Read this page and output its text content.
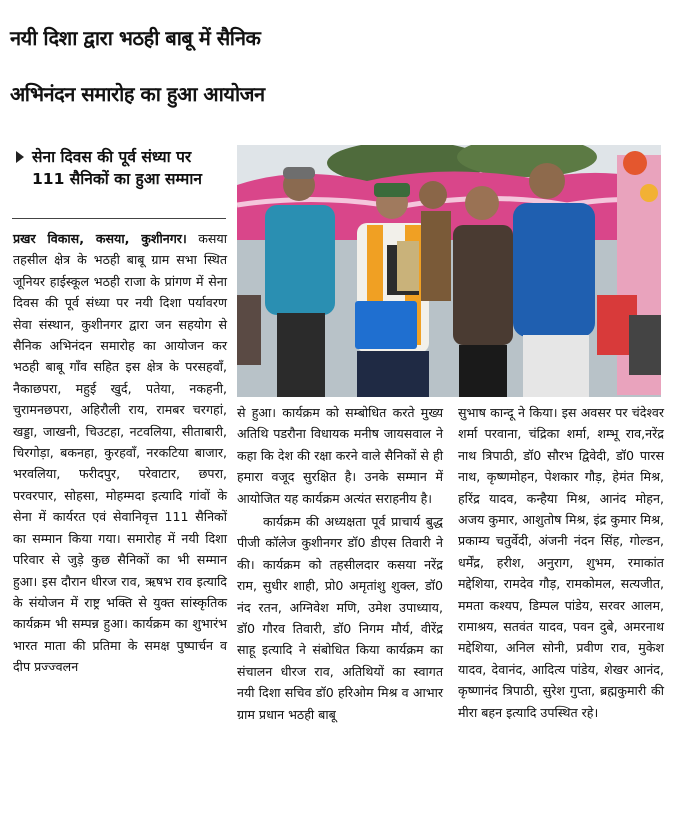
नयी दिशा द्वारा भठही बाबू में सैनिक
अभिनंदन समारोह का हुआ आयोजन
सेना दिवस की पूर्व संध्या पर 111 सैनिकों का हुआ सम्मान

प्रखर विकास, कसया, कुशीनगर। कसया तहसील क्षेत्र के भठही बाबू ग्राम सभा स्थित जूनियर हाईस्कूल भठही राजा के प्रांगण में सेना दिवस की पूर्व संध्या पर नयी दिशा पर्यावरण सेवा संस्थान, कुशीनगर द्वारा जन सहयोग से सैनिक अभिनंदन समारोह का आयोजन कर भठही बाबू गाँव सहित इस क्षेत्र के परसहवाँ, नैकाछपरा, महुई खुर्द, पतेया, नकहनी, चुरामनछपरा, अहिरौली राय, रामबर चरगहां, खड्डा, जाखनी, चिउटहा, नटवलिया, सीताबारी, चिरगोड़ा, बकनहा, कुरहवाँ, नरकटिया बाजार, भरवलिया, फरीदपुर, परेवाटार, छपरा, परवरपार, सोहसा, मोहम्मदा इत्यादि गांवों के सेना में कार्यरत एवं सेवानिवृत्त 111 सैनिकों का सम्मान किया गया। समारोह में नयी दिशा परिवार से जुड़े कुछ सैनिकों का भी सम्मान हुआ। इस दौरान धीरज राव, ऋषभ राव इत्यादि के संयोजन में राष्ट्र भक्ति से युक्त सांस्कृतिक कार्यक्रम भी सम्पन्न हुआ। कार्यक्रम का शुभारंभ भारत माता की प्रतिमा के समक्ष पुष्पार्चन व दीप प्रज्ज्वलन

से हुआ। कार्यक्रम को सम्बोधित करते मुख्य अतिथि पडरौना विधायक मनीष जायसवाल ने कहा कि देश की रक्षा करने वाले सैनिकों से ही हमारा वजूद सुरक्षित है। उनके सम्मान में आयोजित यह कार्यक्रम अत्यंत सराहनीय है।

कार्यक्रम की अध्यक्षता पूर्व प्राचार्य बुद्ध पीजी कॉलेज कुशीनगर डॉ0 डीएस तिवारी ने की। कार्यक्रम को तहसीलदार कसया नरेंद्र राम, सुधीर शाही, प्रो0 अमृतांशु शुक्ल, डॉ0 नंद रतन, अग्निवेश मणि, उमेश उपाध्याय, डॉ0 गौरव तिवारी, डॉ0 निगम मौर्य, वीरेंद्र साहू इत्यादि ने संबोधित किया कार्यक्रम का संचालन धीरज राव, अतिथियों का स्वागत नयी दिशा सचिव डॉ0 हरिओम मिश्र व आभार ग्राम प्रधान भठही बाबू

सुभाष कान्दू ने किया। इस अवसर पर चंदेश्वर शर्मा परवाना, चंद्रिका शर्मा, शम्भू राव,नरेंद्र नाथ त्रिपाठी, डॉ0 सौरभ द्विवेदी, डॉ0 पारस नाथ, कृष्णमोहन, पेशकार गौड़, हेमंत मिश्र, हरिंद्र यादव, कन्हैया मिश्र, आनंद मोहन, अजय कुमार, आशुतोष मिश्र, इंद्र कुमार मिश्र, प्रकाम्य चतुर्वेदी, अंजनी नंदन सिंह, गोल्डन, धर्मेंद्र, हरीश, अनुराग, शुभम, रमाकांत मद्देशिया, रामदेव गौड़, रामकोमल, सत्यजीत, ममता कश्यप, डिम्पल पांडेय, सरवर आलम, रामाश्रय, सतवंत यादव, पवन दुबे, अमरनाथ मद्देशिया, अनिल सोनी, प्रवीण राव, मुकेश यादव, देवानंद, आदित्य पांडेय, शेखर आनंद, कृष्णानंद त्रिपाठी, सुरेश गुप्ता, ब्रह्मकुमारी की मीरा बहन इत्यादि उपस्थित रहे।
